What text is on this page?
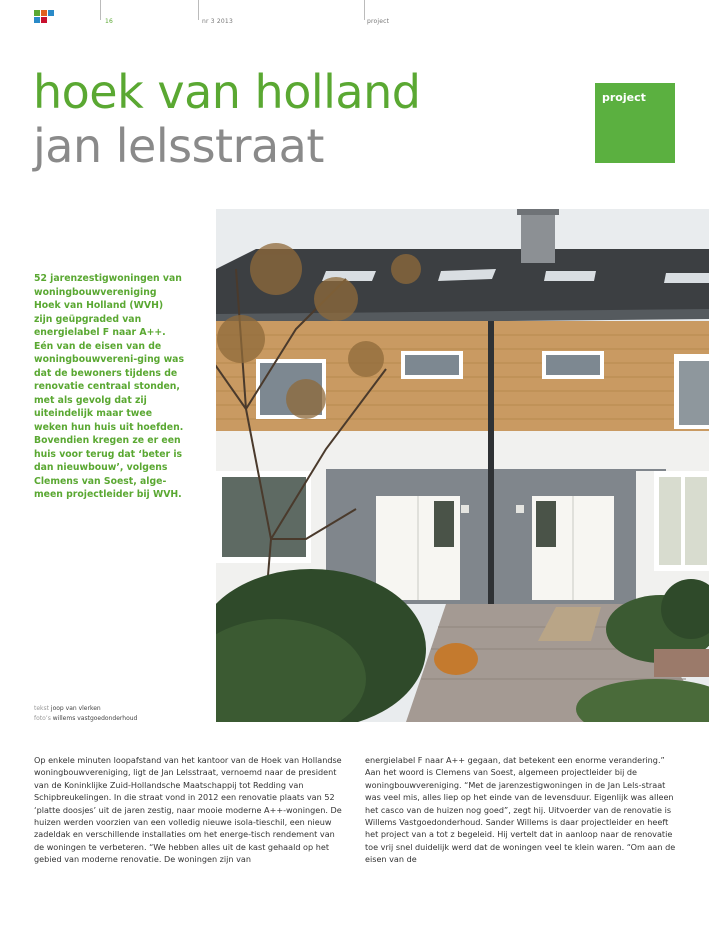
16	nr 3 2013	project
hoek van holland
jan lelsstraat
project
52 jarenzestigwoningen van woningbouwvereniging Hoek van Holland (WVH) zijn geüpgraded van energielabel F naar A++. Eén van de eisen van de woningbouwvereni-ging was dat de bewoners tijdens de renovatie centraal stonden, met als gevolg dat zij uiteindelijk maar twee weken hun huis uit hoefden. Bovendien kregen ze er een huis voor terug dat ‘beter is dan nieuwbouw’, volgens Clemens van Soest, alge-meen projectleider bij WVH.
tekst joop van vlerken
foto’s willems vastgoedonderhoud
Op enkele minuten loopafstand van het kantoor van de Hoek van Hollandse woningbouwvereniging, ligt de Jan Lelsstraat, vernoemd naar de president van de Koninklijke Zuid-Hollandsche Maatschappij tot Redding van Schipbreukelingen. In die straat vond in 2012 een renovatie plaats van 52 ‘platte doosjes’ uit de jaren zestig, naar mooie moderne A++-woningen. De huizen werden voorzien van een volledig nieuwe isola-tieschil, een nieuw zadeldak en verschillende installaties om het energe-tisch rendement van de woningen te verbeteren. “We hebben alles uit de kast gehaald op het gebied van moderne renovatie. De woningen zijn van
energielabel F naar A++ gegaan, dat betekent een enorme verandering.” Aan het woord is Clemens van Soest, algemeen projectleider bij de woningbouwvereniging. “Met de jarenzestigwoningen in de Jan Lels-straat was veel mis, alles liep op het einde van de levensduur. Eigenlijk was alleen het casco van de huizen nog goed”, zegt hij. Uitvoerder van de renovatie is Willems Vastgoedonderhoud. Sander Willems is daar projectleider en heeft het project van a tot z begeleid. Hij vertelt dat in aanloop naar de renovatie toe vrij snel duidelijk werd dat de woningen veel te klein waren. “Om aan de eisen van de
